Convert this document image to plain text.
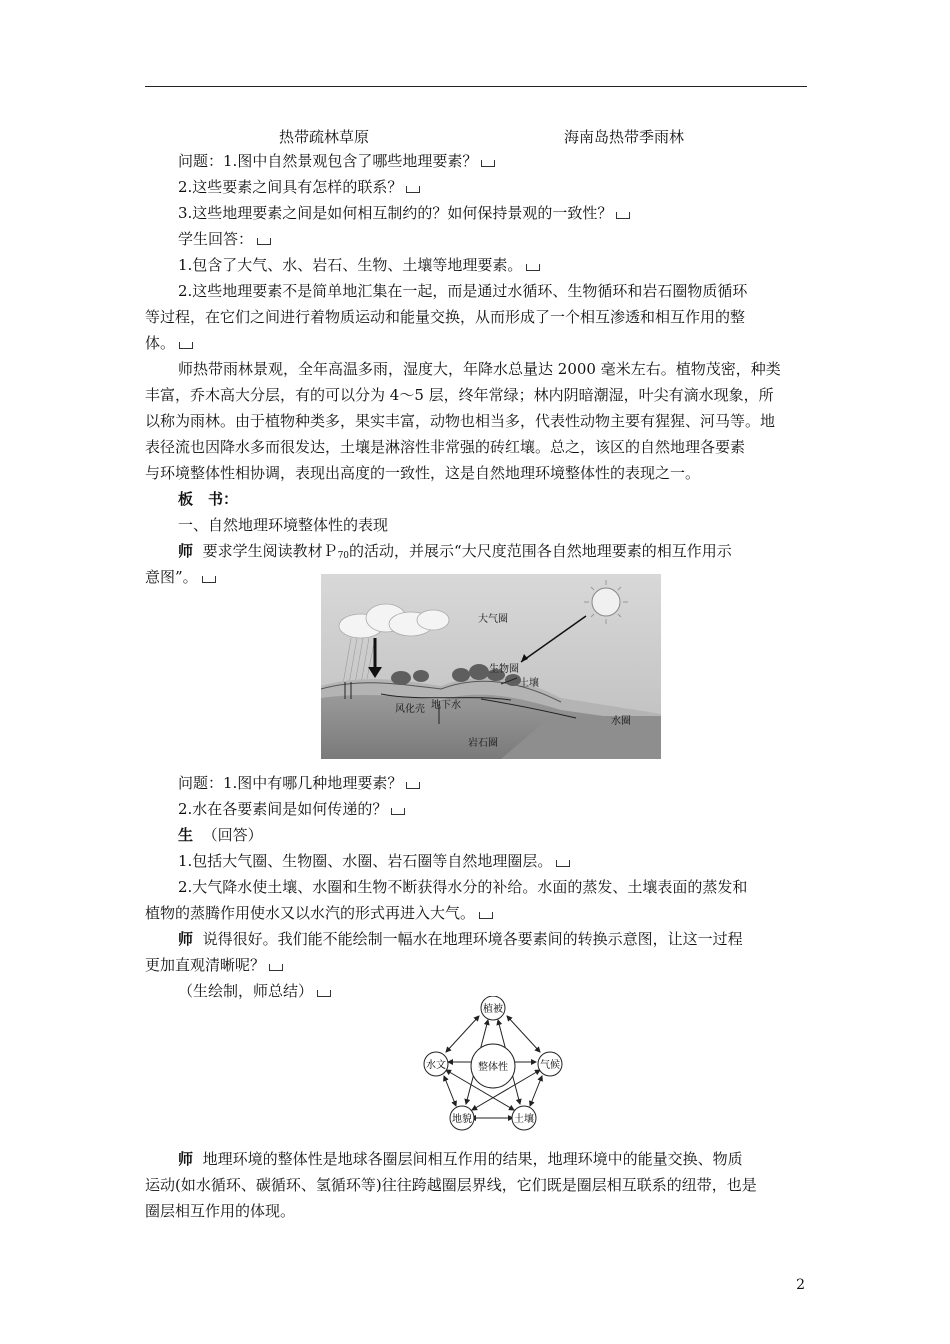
热带疏林草原	海南岛热带季雨林
问题：1.图中自然景观包含了哪些地理要素？
2.这些要素之间具有怎样的联系？
3.这些地理要素之间是如何相互制约的？如何保持景观的一致性？
学生回答：
1.包含了大气、水、岩石、生物、土壤等地理要素。
2.这些地理要素不是简单地汇集在一起，而是通过水循环、生物循环和岩石圈物质循环
等过程，在它们之间进行着物质运动和能量交换，从而形成了一个相互渗透和相互作用的整
体。
师热带雨林景观，全年高温多雨，湿度大，年降水总量达 2000 毫米左右。植物茂密，种类
丰富，乔木高大分层，有的可以分为 4～5 层，终年常绿；林内阴暗潮湿，叶尖有滴水现象，所
以称为雨林。由于植物种类多，果实丰富，动物也相当多，代表性动物主要有猩猩、河马等。地
表径流也因降水多而很发达，土壤是淋溶性非常强的砖红壤。总之，该区的自然地理各要素
与环境整体性相协调，表现出高度的一致性，这是自然地理环境整体性的表现之一。
板　书：
一、自然地理环境整体性的表现
师 要求学生阅读教材Ｐ$_{70}$的活动，并展示“大尺度范围各自然地理要素的相互作用示
意图”。
大气圈
生物圈
土壤
风化壳 地下水
水圈
岩石圈
问题：1.图中有哪几种地理要素？
2.水在各要素间是如何传递的？
生 （回答）
1.包括大气圈、生物圈、水圈、岩石圈等自然地理圈层。
2.大气降水使土壤、水圈和生物不断获得水分的补给。水面的蒸发、土壤表面的蒸发和
植物的蒸腾作用使水又以水汽的形式再进入大气。
师 说得很好。我们能不能绘制一幅水在地理环境各要素间的转换示意图，让这一过程
更加直观清晰呢？
（生绘制，师总结）
整体性
植被
水文	气候
地貌	土壤
师 地理环境的整体性是地球各圈层间相互作用的结果，地理环境中的能量交换、物质
运动(如水循环、碳循环、氢循环等)往往跨越圈层界线，它们既是圈层相互联系的纽带，也是
圈层相互作用的体现。
2
